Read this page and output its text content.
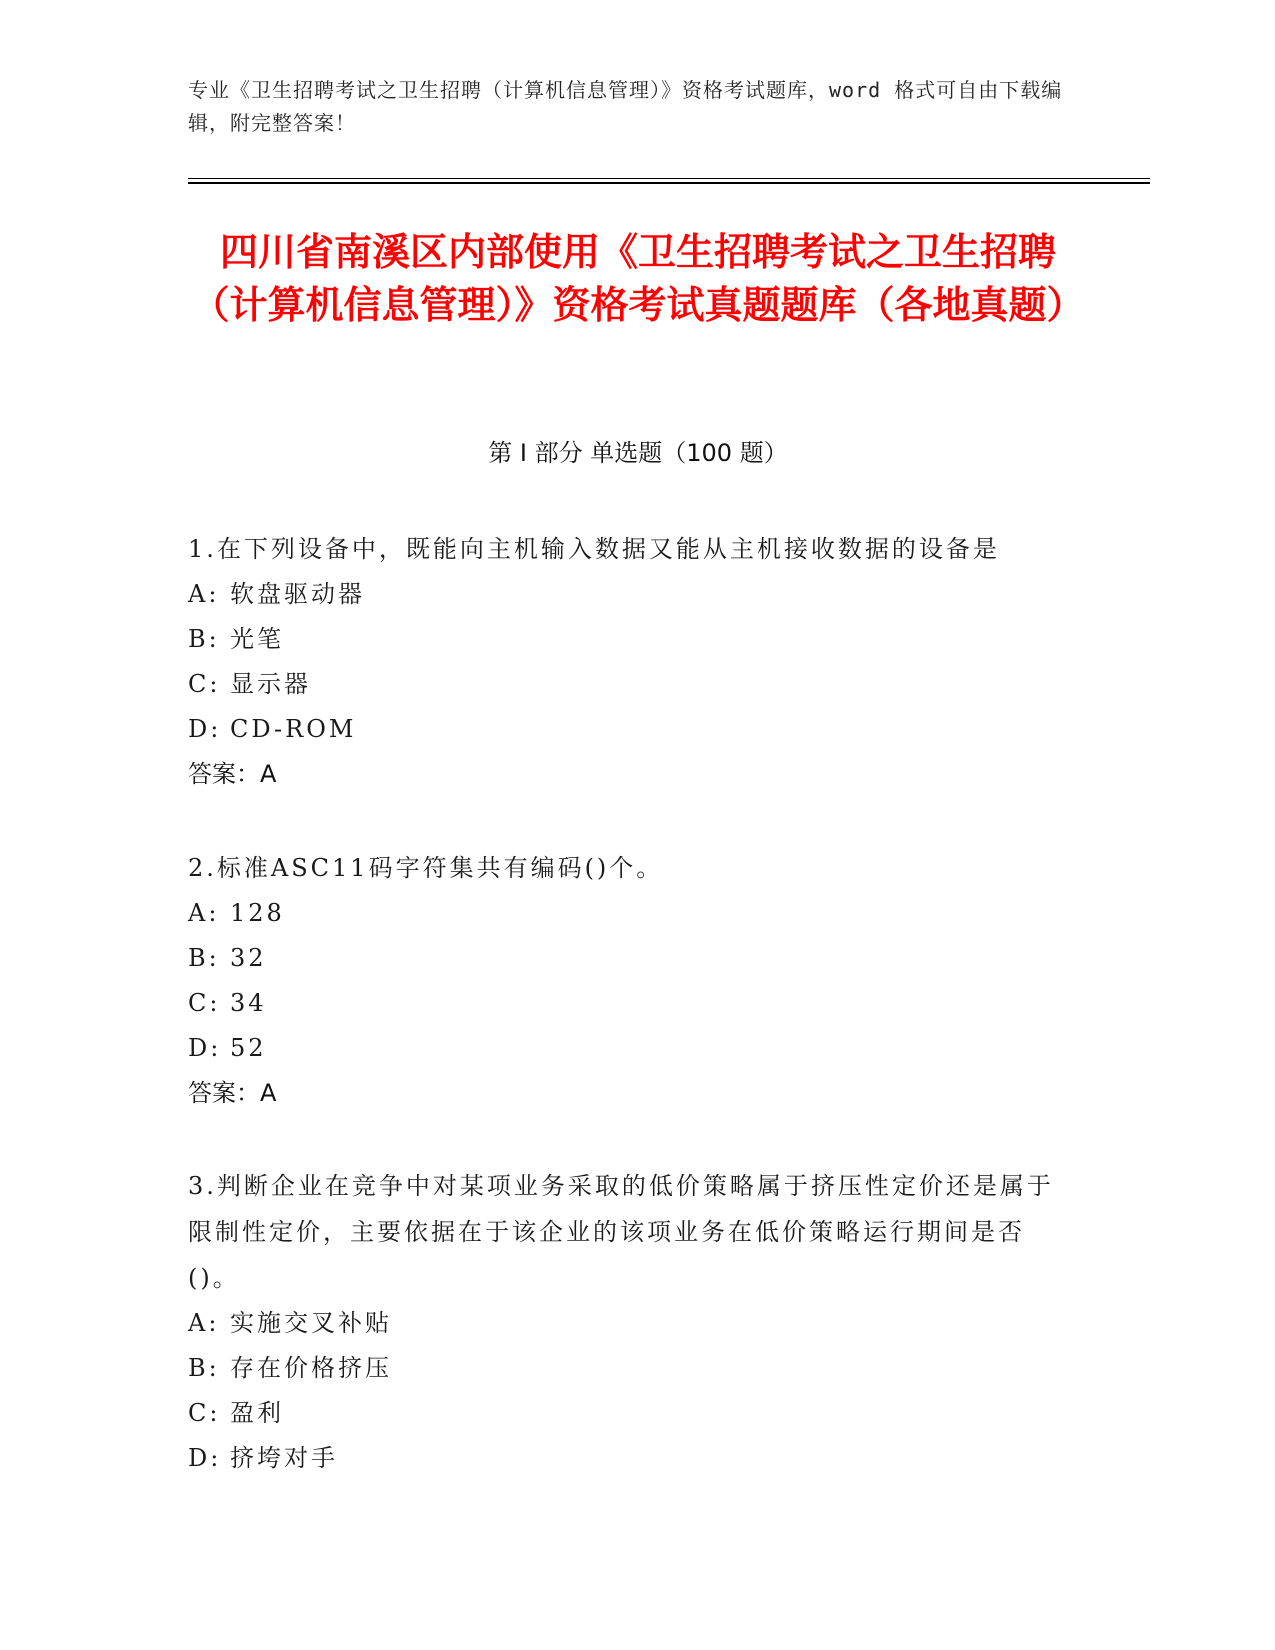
专业《卫生招聘考试之卫生招聘（计算机信息管理）》资格考试题库，word 格式可自由下载编辑，附完整答案！
四川省南溪区内部使用《卫生招聘考试之卫生招聘（计算机信息管理）》资格考试真题题库（各地真题）
第 I 部分 单选题（100 题）
1.在下列设备中，既能向主机输入数据又能从主机接收数据的设备是
A: 软盘驱动器
B: 光笔
C: 显示器
D: CD-ROM
答案：A
2.标准ASC11码字符集共有编码()个。
A: 128
B: 32
C: 34
D: 52
答案：A
3.判断企业在竞争中对某项业务采取的低价策略属于挤压性定价还是属于限制性定价，主要依据在于该企业的该项业务在低价策略运行期间是否()。
A: 实施交叉补贴
B: 存在价格挤压
C: 盈利
D: 挤垮对手
